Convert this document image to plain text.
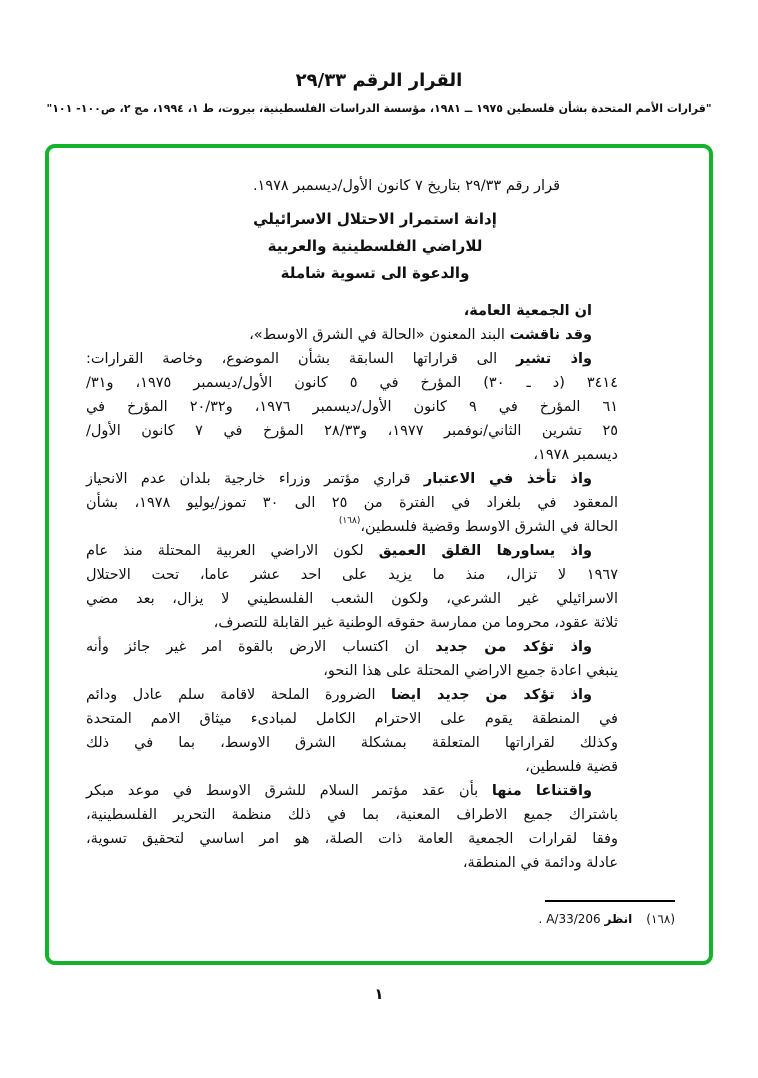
القرار الرقم ٢٩/٣٣
"قرارات الأمم المتحدة بشأن فلسطين ١٩٧٥ ــ ١٩٨١، مؤسسة الدراسات الفلسطينية، بيروت، ط ١، ١٩٩٤، مج ٢، ص١٠٠- ١٠١"
قرار رقم ٢٩/٣٣ بتاريخ ٧ كانون الأول/ديسمبر ١٩٧٨.
إدانة استمرار الاحتلال الاسرائيلي
للاراضي الفلسطينية والعربية
والدعوة الى تسوية شاملة
ان الجمعية العامة،
وقد ناقشت البند المعنون «الحالة في الشرق الاوسط»،
واذ تشير الى قراراتها السابقة بشأن الموضوع، وخاصة القرارات:
٣٤١٤ (د ـ ٣٠) المؤرخ في ٥ كانون الأول/ديسمبر ١٩٧٥، و٣١/
٦١ المؤرخ في ٩ كانون الأول/ديسمبر ١٩٧٦، و٢٠/٣٢ المؤرخ في
٢٥ تشرين الثاني/نوفمبر ١٩٧٧، و٢٨/٣٣ المؤرخ في ٧ كانون الأول/
ديسمبر ١٩٧٨،
واذ تأخذ في الاعتبار قراري مؤتمر وزراء خارجية بلدان عدم الانحياز
المعقود في بلغراد في الفترة من ٢٥ الى ٣٠ تموز/يوليو ١٩٧٨، بشأن
الحالة في الشرق الاوسط وقضية فلسطين،$^{(١٦٨)}$
واذ يساورها القلق العميق لكون الاراضي العربية المحتلة منذ عام
١٩٦٧ لا تزال، منذ ما يزيد على احد عشر عاما، تحت الاحتلال
الاسرائيلي غير الشرعي، ولكون الشعب الفلسطيني لا يزال، بعد مضي
ثلاثة عقود، محروما من ممارسة حقوقه الوطنية غير القابلة للتصرف،
واذ تؤكد من جديد ان اكتساب الارض بالقوة امر غير جائز وأنه
ينبغي اعادة جميع الاراضي المحتلة على هذا النحو،
واذ تؤكد من جديد ايضا الضرورة الملحة لاقامة سلم عادل ودائم
في المنطقة يقوم على الاحترام الكامل لمبادىء ميثاق الامم المتحدة
وكذلك لقراراتها المتعلقة بمشكلة الشرق الاوسط، بما في ذلك
قضية فلسطين،
واقتناعا منها بأن عقد مؤتمر السلام للشرق الاوسط في موعد مبكر
باشتراك جميع الاطراف المعنية، بما في ذلك منظمة التحرير الفلسطينية،
وفقا لقرارات الجمعية العامة ذات الصلة، هو امر اساسي لتحقيق تسوية،
عادلة ودائمة في المنطقة،
(١٦٨)انظر A/33/206 .
١
